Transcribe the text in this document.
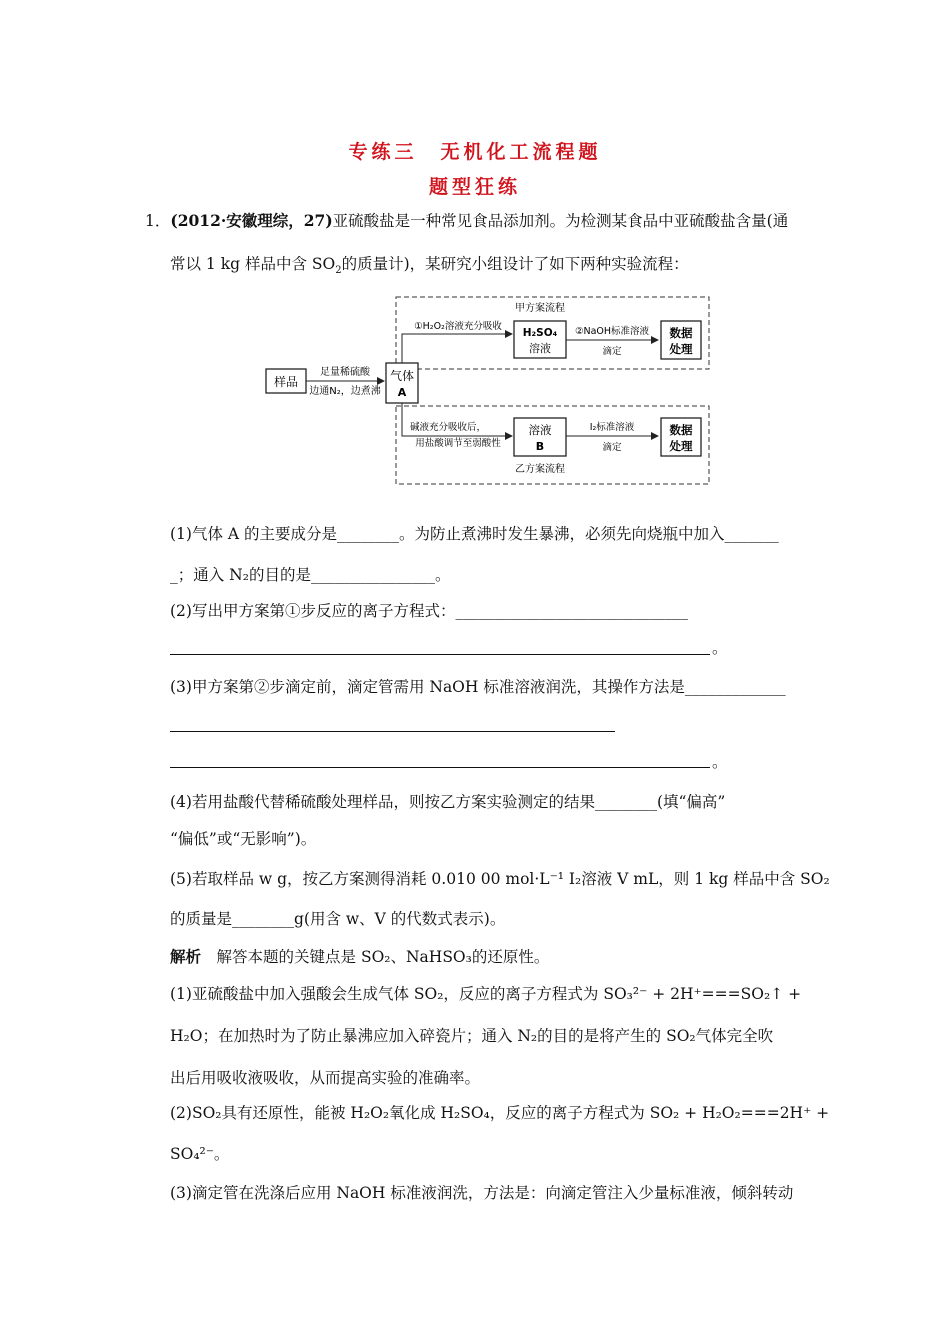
专练三　无机化工流程题
题型狂练
1．(2012·安徽理综，27)亚硫酸盐是一种常见食品添加剂。为检测某食品中亚硫酸盐含量(通
常以 1 kg 样品中含 $SO_2$的质量计)，某研究小组设计了如下两种实验流程：
样品
足量稀硫酸
边通N₂，边煮沸
气体
A
甲方案流程
①H₂O₂溶液充分吸收
H₂SO₄
溶液
②NaOH标准溶液
滴定
数据
处理
碱液充分吸收后，
用盐酸调节至弱酸性
溶液
B
I₂标准溶液
滴定
数据
处理
乙方案流程
(1)气体 A 的主要成分是________。为防止煮沸时发生暴沸，必须先向烧瓶中加入_______
_；通入 N₂的目的是________________。
(2)写出甲方案第①步反应的离子方程式：______________________________
。
(3)甲方案第②步滴定前，滴定管需用 NaOH 标准溶液润洗，其操作方法是_____________
。
(4)若用盐酸代替稀硫酸处理样品，则按乙方案实验测定的结果________(填“偏高”
“偏低”或“无影响”)。
(5)若取样品 w g，按乙方案测得消耗 0.010 00 mol·L⁻¹ I₂溶液 V mL，则 1 kg 样品中含 SO₂
的质量是________g(用含 w、V 的代数式表示)。
解析　 解答本题的关键点是 SO₂、NaHSO₃的还原性。
(1)亚硫酸盐中加入强酸会生成气体 SO₂，反应的离子方程式为 SO₃²⁻ + 2H⁺===SO₂↑ +
H₂O；在加热时为了防止暴沸应加入碎瓷片；通入 N₂的目的是将产生的 SO₂气体完全吹
出后用吸收液吸收，从而提高实验的准确率。
(2)SO₂具有还原性，能被 H₂O₂氧化成 H₂SO₄，反应的离子方程式为 SO₂ + H₂O₂===2H⁺ +
SO₄²⁻。
(3)滴定管在洗涤后应用 NaOH 标准液润洗，方法是：向滴定管注入少量标准液，倾斜转动
